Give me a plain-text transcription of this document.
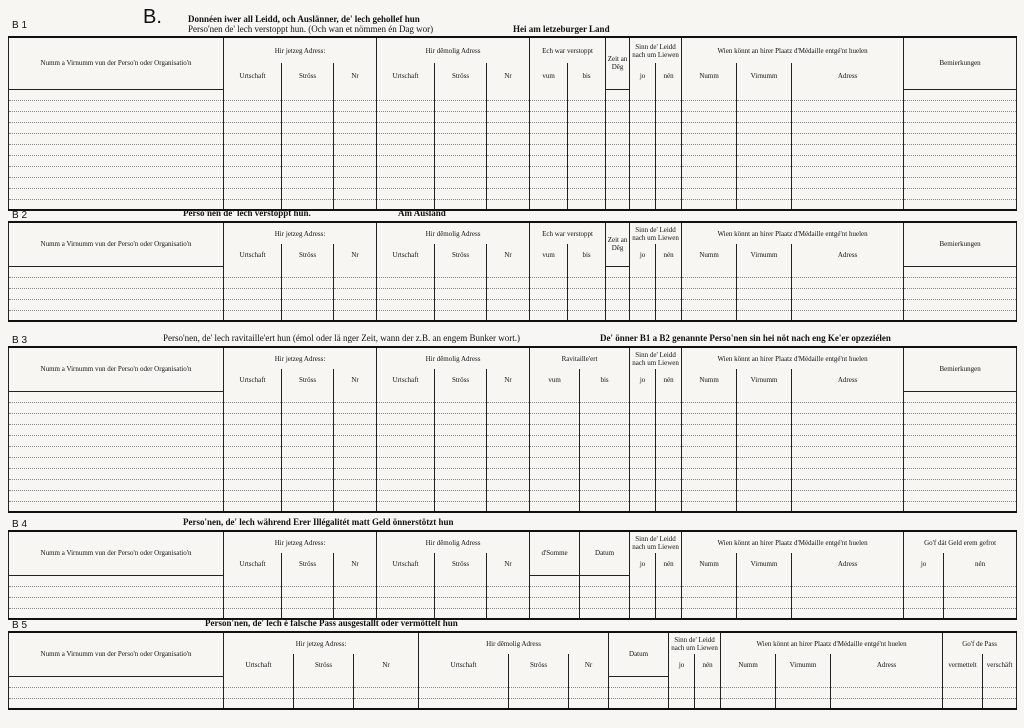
B 1	B.	Donnéen iwer all Leidd, och Auslänner, de' lech gehollef hun
Perso'nen de' lech verstoppt hun. (Och wan et nömmen én Dag wor)	Hei am letzeburger Land
Numm a Virnumm vun der Perso'n oder Organisatio'n	Hir jetzeg Adress:			Hir dêmolig Adress			Ech war verstoppt		Zeit an Dêg	Sinn de' Leidd nach um Liewen		Wien könnt an hirer Plaatz d'Médaille entgé'nt huelen			Bemierkungen
	Urtschaft	Ströss	Nr	Urtschaft	Ströss	Nr	vum	bis		jo	nén	Numm	Virnumm	Adress	

B 2	Perso'nen de' lech verstoppt hun.	Am Ausland
Numm a Virnumm vun der Perso'n oder Organisatio'n	Hir jetzeg Adress:			Hir dêmolig Adress			Ech war verstoppt		Zeit an Dêg	Sinn de' Leidd nach um Liewen		Wien könnt an hirer Plaatz d'Médaille entgé'nt huelen			Bemierkungen
	Urtschaft	Ströss	Nr	Urtschaft	Ströss	Nr	vum	bis		jo	nén	Numm	Virnumm	Adress	

B 3	Perso'nen, de' lech ravitaille'ert hun (émol oder lä nger Zeit, wann der z.B. an engem Bunker wort.)	De' önner B1 a B2 genannte Perso'nen sin hei nöt nach eng Ke'er opzeziélen
Numm a Virnumm vun der Perso'n oder Organisatio'n	Hir jetzeg Adress:			Hir dêmolig Adress			Ravitaille'ert		Sinn de' Leidd nach um Liewen		Wien könnt an hirer Plaatz d'Médaille entgé'nt huelen			Bemierkungen
	Urtschaft	Ströss	Nr	Urtschaft	Ströss	Nr	vum	bis	jo	nén	Numm	Virnumm	Adress	

B 4	Perso'nen, de' lech während Erer Illégalitét matt Geld önnerstötzt hun
Numm a Virnumm vun der Perso'n oder Organisatio'n	Hir jetzeg Adress:			Hir dêmolig Adress			d'Somme	Datum	Sinn de' Leidd nach um Liewen		Wien könnt an hirer Plaatz d'Médaille entgé'nt huelen			Go'f dát Geld erem gefrot	
	Urtschaft	Ströss	Nr	Urtschaft	Ströss	Nr			jo	nén	Numm	Virnumm	Adress	jo	nén

B 5	Person'nen, de' lech é falsche Pass ausgestallt oder vermöttelt hun
Numm a Virnumm vun der Perso'n oder Organisatio'n	Hir jetzeg Adress:			Hir dêmolig Adress			Datum	Sinn de' Leidd nach um Liewen		Wien könnt an hirer Plaatz d'Médaille entgé'nt huelen			Go'f de Pass	
	Urtschaft	Ströss	Nr	Urtschaft	Ströss	Nr		jo	nén	Numm	Virnumm	Adress	vermettelt	verschäft
